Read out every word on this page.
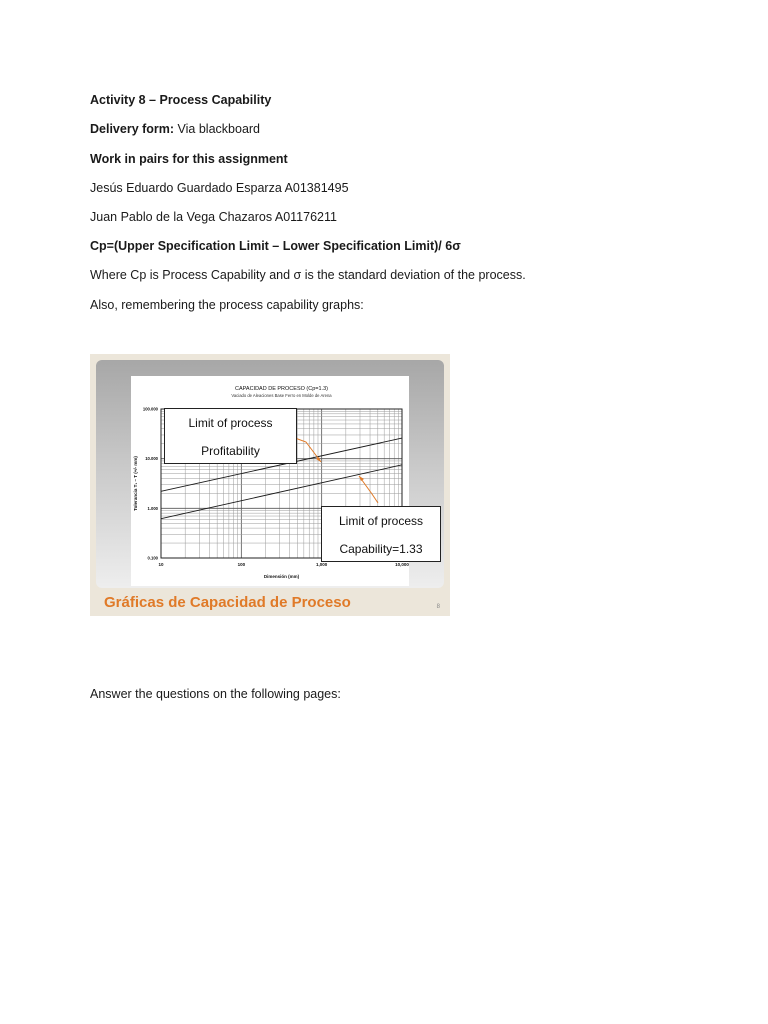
Activity 8 – Process Capability
Delivery form: Via blackboard
Work in pairs for this assignment
Jesús Eduardo Guardado Esparza A01381495
Juan Pablo de la Vega Chazaros A01176211
Cp=(Upper Specification Limit – Lower Specification Limit)/ 6σ
Where Cp is Process Capability and σ is the standard deviation of the process.
Also, remembering the process capability graphs:
CAPACIDAD DE PROCESO (Cp=1.3)
Vaciado de Aleaciones Base Ferro en Molde de Arena
10	100	1,000	10,000
0.100
1.000
10.000
100.000
Dimensión (mm)
Tolerancia T₁ – T (+/- mm)
Limit of process
Profitability
Limit of process
Capability=1.33
Gráficas de Capacidad de Proceso	8
Answer the questions on the following pages:
